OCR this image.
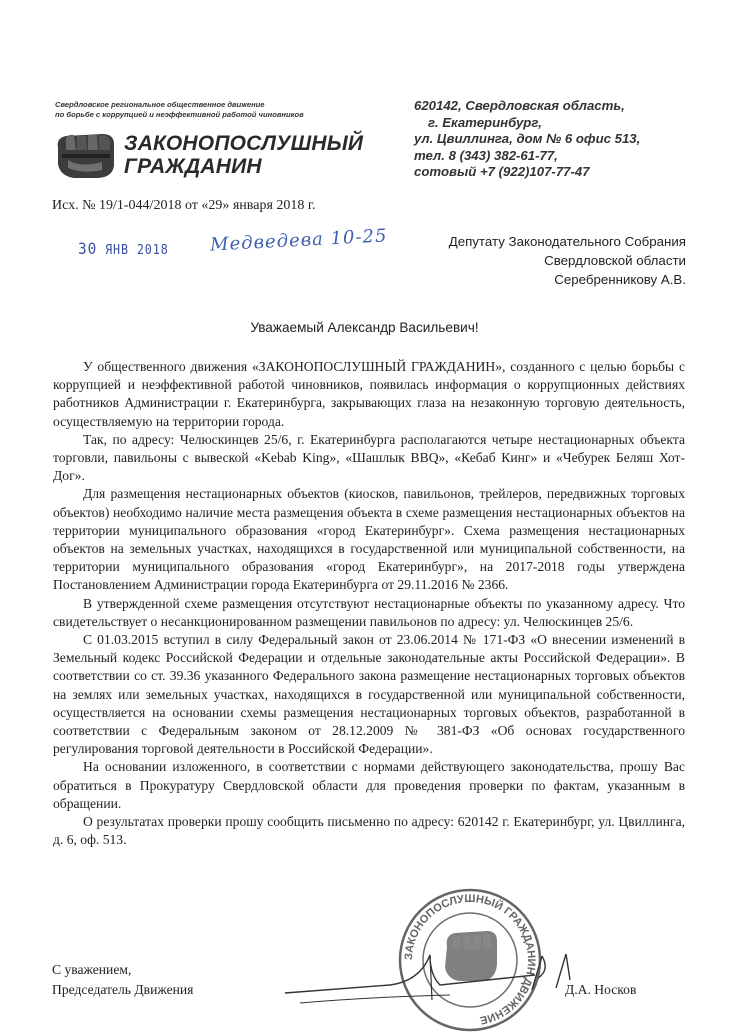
Свердловское региональное общественное движение
по борьбе с коррупцией и неэффективной работой чиновников
ЗАКОНОПОСЛУШНЫЙ
ГРАЖДАНИН
620142, Свердловская область,
г. Екатеринбург,
ул. Цвиллинга, дом № 6 офис 513,
тел. 8 (343) 382-61-77,
сотовый +7 (922)107-77-47
Исх. № 19/1-044/2018 от «29» января 2018 г.
30 ЯНВ 2018 Медведева 10-25	Депутату Законодательного Собрания
Свердловской области
Серебренникову А.В.
Уважаемый Александр Васильевич!

У общественного движения «ЗАКОНОПОСЛУШНЫЙ ГРАЖДАНИН», созданного с целью борьбы с коррупцией и неэффективной работой чиновников, появилась информация о коррупционных действиях работников Администрации г. Екатеринбурга, закрывающих глаза на незаконную торговую деятельность, осуществляемую на территории города.

Так, по адресу: Челюскинцев 25/6, г. Екатеринбурга располагаются четыре нестационарных объекта торговли, павильоны с вывеской «Kebab King», «Шашлык BBQ», «Кебаб Кинг» и «Чебурек Беляш Хот-Дог».

Для размещения нестационарных объектов (киосков, павильонов, трейлеров, передвижных торговых объектов) необходимо наличие места размещения объекта в схеме размещения нестационарных объектов на территории муниципального образования «город Екатеринбург». Схема размещения нестационарных объектов на земельных участках, находящихся в государственной или муниципальной собственности, на территории муниципального образования «город Екатеринбург», на 2017-2018 годы утверждена Постановлением Администрации города Екатеринбурга от 29.11.2016 № 2366.

В утвержденной схеме размещения отсутствуют нестационарные объекты по указанному адресу. Что свидетельствует о несанкционированном размещении павильонов по адресу: ул. Челюскинцев 25/6.

С 01.03.2015 вступил в силу Федеральный закон от 23.06.2014 № 171-ФЗ «О внесении изменений в Земельный кодекс Российской Федерации и отдельные законодательные акты Российской Федерации». В соответствии со ст. 39.36 указанного Федерального закона размещение нестационарных торговых объектов на землях или земельных участках, находящихся в государственной или муниципальной собственности, осуществляется на основании схемы размещения нестационарных торговых объектов, разработанной в соответствии с Федеральным законом от 28.12.2009 № 381-ФЗ «Об основах государственного регулирования торговой деятельности в Российской Федерации».

На основании изложенного, в соответствии с нормами действующего законодательства, прошу Вас обратиться в Прокуратуру Свердловской области для проведения проверки по фактам, указанным в обращении.

О результатах проверки прошу сообщить письменно по адресу: 620142 г. Екатеринбург, ул. Цвиллинга, д. 6, оф. 513.

ЗАКОНОПОСЛУШНЫЙ ГРАЖДАНИН ДВИЖЕНИЕ
С уважением,
Председатель Движения	Д.А. Носков
